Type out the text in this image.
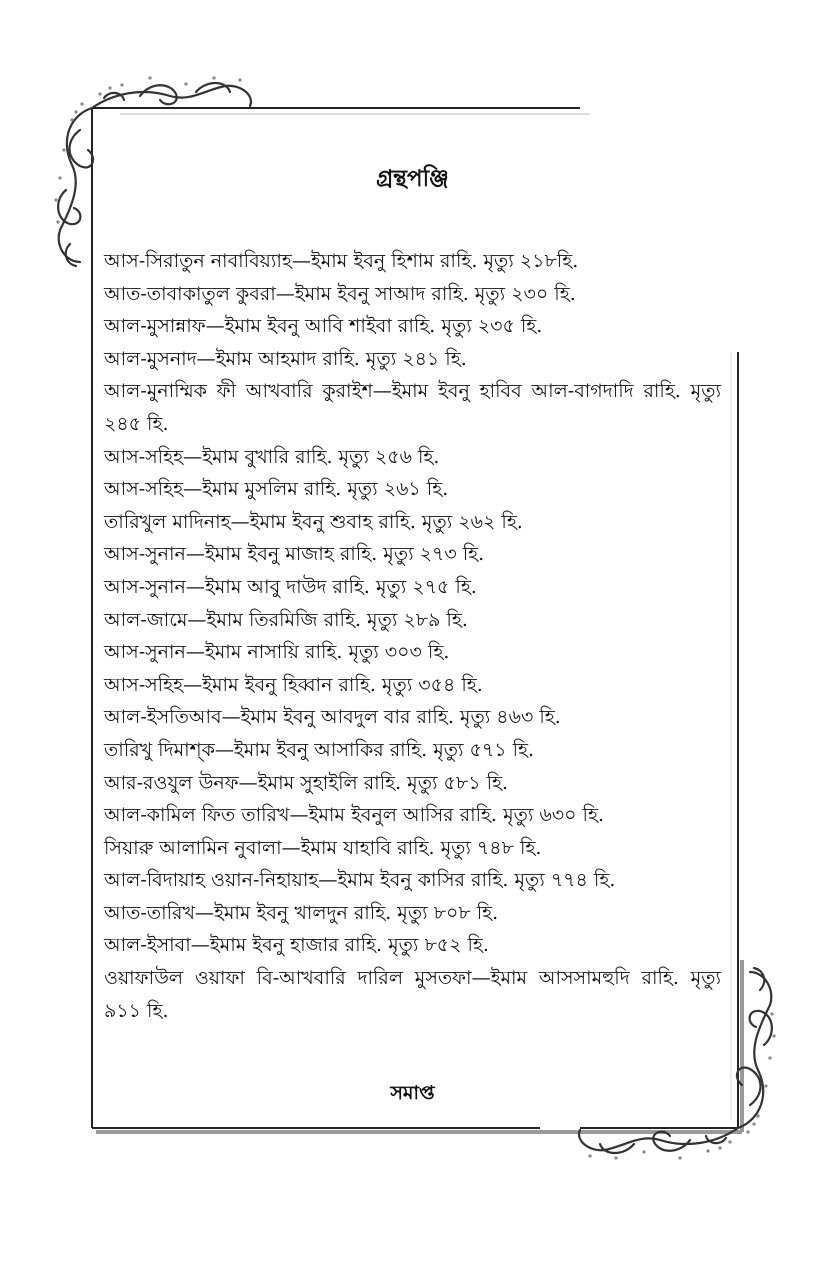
গ্রন্থপঞ্জি
আস-সিরাতুন নাবাবিয়্যাহ—ইমাম ইবনু হিশাম রাহি. মৃত্যু ২১৮হি.
আত-তাবাকাতুল কুবরা—ইমাম ইবনু সাআদ রাহি. মৃত্যু ২৩০ হি.
আল-মুসান্নাফ—ইমাম ইবনু আবি শাইবা রাহি. মৃত্যু ২৩৫ হি.
আল-মুসনাদ—ইমাম আহমাদ রাহি. মৃত্যু ২৪১ হি.
আল-মুনাম্মিক ফী আখবারি কুরাইশ—ইমাম ইবনু হাবিব আল-বাগদাদি রাহি. মৃত্যু ২৪৫ হি.
আস-সহিহ—ইমাম বুখারি রাহি. মৃত্যু ২৫৬ হি.
আস-সহিহ—ইমাম মুসলিম রাহি. মৃত্যু ২৬১ হি.
তারিখুল মাদিনাহ—ইমাম ইবনু শুবাহ রাহি. মৃত্যু ২৬২ হি.
আস-সুনান—ইমাম ইবনু মাজাহ রাহি. মৃত্যু ২৭৩ হি.
আস-সুনান—ইমাম আবু দাউদ রাহি. মৃত্যু ২৭৫ হি.
আল-জামে—ইমাম তিরমিজি রাহি. মৃত্যু ২৮৯ হি.
আস-সুনান—ইমাম নাসায়ি রাহি. মৃত্যু ৩০৩ হি.
আস-সহিহ—ইমাম ইবনু হিব্বান রাহি. মৃত্যু ৩৫৪ হি.
আল-ইসতিআব—ইমাম ইবনু আবদুল বার রাহি. মৃত্যু ৪৬৩ হি.
তারিখু দিমাশ্ক—ইমাম ইবনু আসাকির রাহি. মৃত্যু ৫৭১ হি.
আর-রওযুল উনফ—ইমাম সুহাইলি রাহি. মৃত্যু ৫৮১ হি.
আল-কামিল ফিত তারিখ—ইমাম ইবনুল আসির রাহি. মৃত্যু ৬৩০ হি.
সিয়ারু আলামিন নুবালা—ইমাম যাহাবি রাহি. মৃত্যু ৭৪৮ হি.
আল-বিদায়াহ ওয়ান-নিহায়াহ—ইমাম ইবনু কাসির রাহি. মৃত্যু ৭৭৪ হি.
আত-তারিখ—ইমাম ইবনু খালদুন রাহি. মৃত্যু ৮০৮ হি.
আল-ইসাবা—ইমাম ইবনু হাজার রাহি. মৃত্যু ৮৫২ হি.
ওয়াফাউল ওয়াফা বি-আখবারি দারিল মুসতফা—ইমাম আসসামহুদি রাহি. মৃত্যু ৯১১ হি.
সমাপ্ত
